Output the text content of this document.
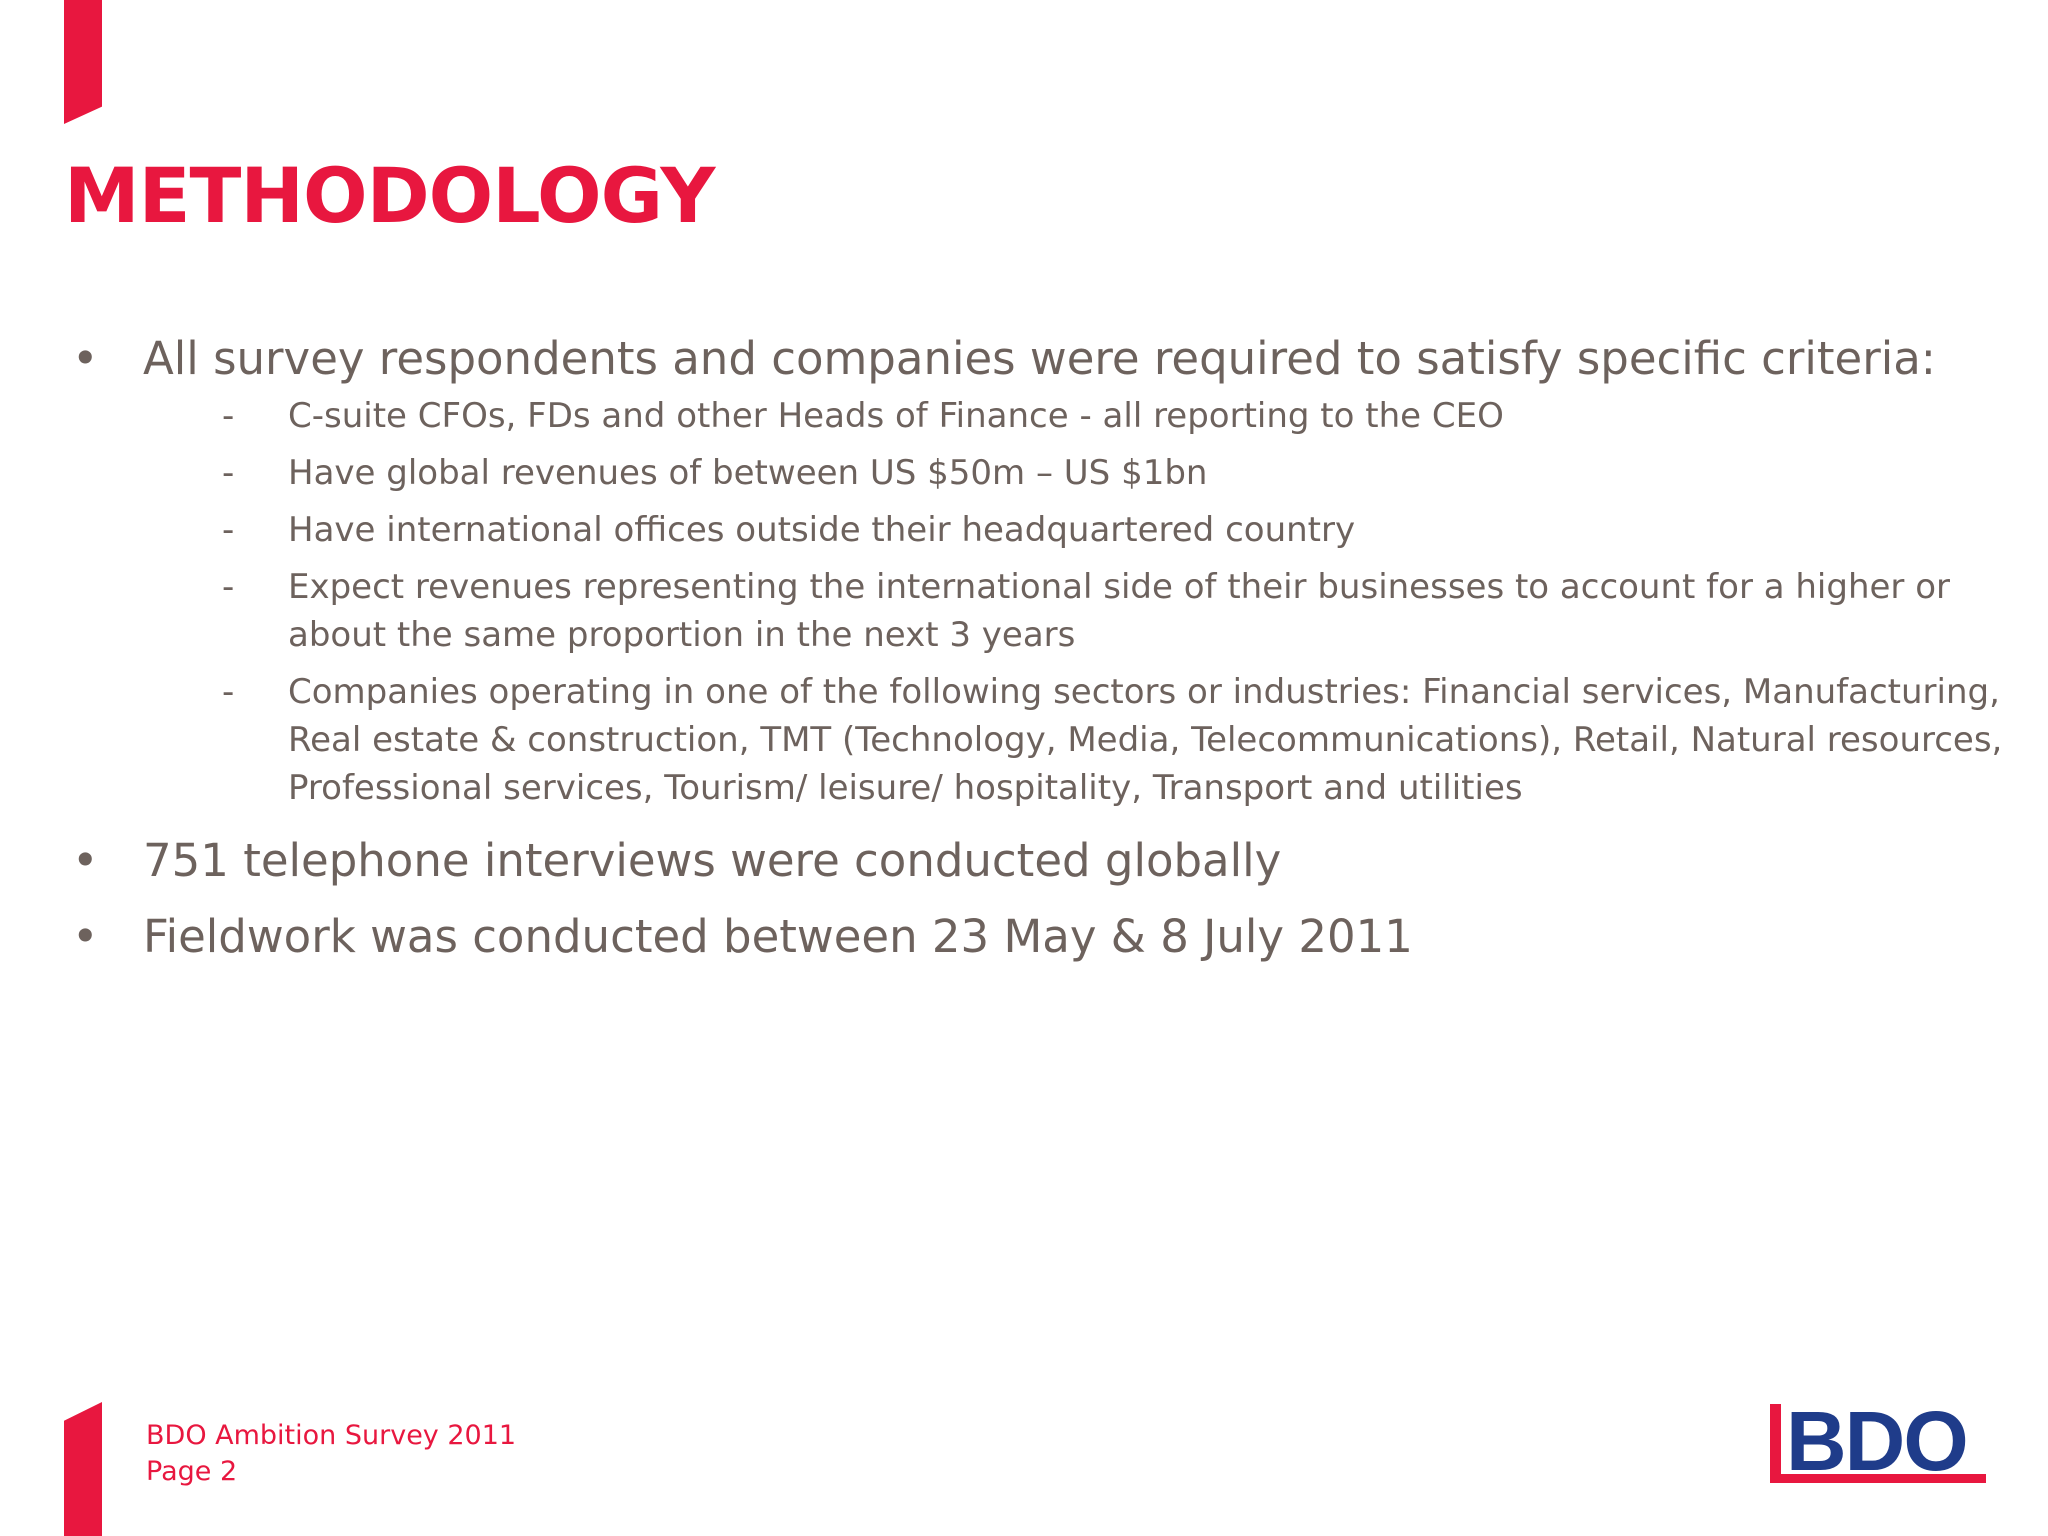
METHODOLOGY
• All survey respondents and companies were required to satisfy specific criteria:
- C-suite CFOs, FDs and other Heads of Finance - all reporting to the CEO
- Have global revenues of between US $50m – US $1bn
- Have international offices outside their headquartered country
- Expect revenues representing the international side of their businesses to account for a higher or about the same proportion in the next 3 years
- Companies operating in one of the following sectors or industries: Financial services, Manufacturing, Real estate & construction, TMT (Technology, Media, Telecommunications), Retail, Natural resources, Professional services, Tourism/ leisure/ hospitality, Transport and utilities
• 751 telephone interviews were conducted globally
• Fieldwork was conducted between 23 May & 8 July 2011
BDO Ambition Survey 2011
Page 2	BDO
